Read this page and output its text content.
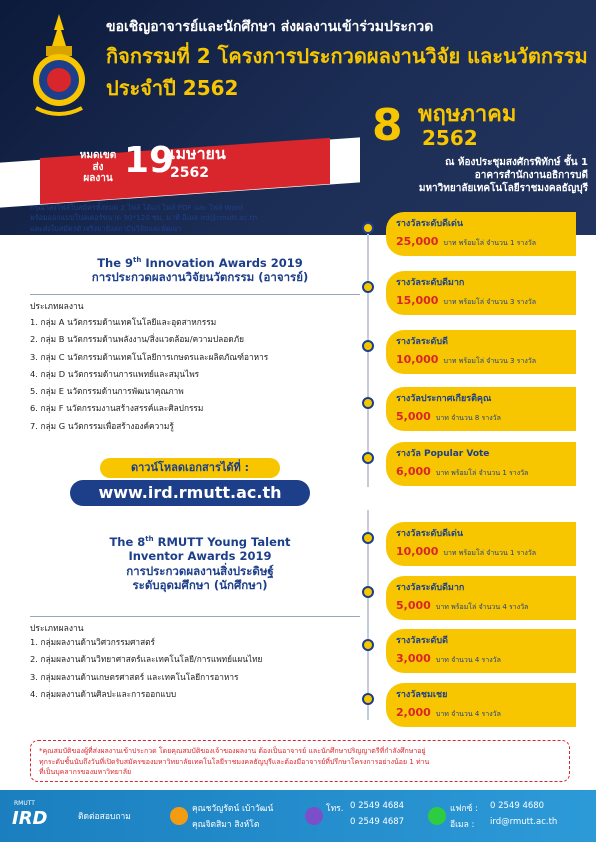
ขอเชิญอาจารย์และนักศึกษา ส่งผลงานเข้าร่วมประกวด
กิจกรรมที่ 2 โครงการประกวดผลงานวิจัย และนวัตกรรม
ประจำปี 2562
8 พฤษภาคม
2562
ณ ห้องประชุมสงศักรพิทักษ์ ชั้น 1
อาคารสำนักงานอธิการบดี
มหาวิทยาลัยเทคโนโลยีราชมงคลธัญบุรี
หมดเขต
ส่ง
ผลงาน 19
เมษายน
2562
กรุณาส่งไฟล์ใบสมัครทั้งหมด 2 ไฟล์ ได้แก่ ไฟล์ PDF และ ไฟล์ Word
พร้อมออกแบบโปสเตอร์ขนาด 90*120 ซม. มาที่ อีเมล ird@rmutt.ac.th
และส่งใบสมัครตัวจริงมายังสถาบันวิจัยและพัฒนา
The 9th Innovation Awards 2019
การประกวดผลงานวิจัยนวัตกรรม (อาจารย์)
ประเภทผลงาน
1. กลุ่ม A นวัตกรรมด้านเทคโนโลยีและอุตสาหกรรม
2. กลุ่ม B นวัตกรรมด้านพลังงาน/สิ่งแวดล้อม/ความปลอดภัย
3. กลุ่ม C นวัตกรรมด้านเทคโนโลยีการเกษตรและผลิตภัณฑ์อาหาร
4. กลุ่ม D นวัตกรรมด้านการแพทย์และสมุนไพร
5. กลุ่ม E นวัตกรรมด้านการพัฒนาคุณภาพ
6. กลุ่ม F นวัตกรรมงานสร้างสรรค์และศิลปกรรม
7. กลุ่ม G นวัตกรรมเพื่อสร้างองค์ความรู้
ดาวน์โหลดเอกสารได้ที่ :
www.ird.rmutt.ac.th
The 8th RMUTT Young Talent
Inventor Awards 2019
การประกวดผลงานสิ่งประดิษฐ์
ระดับอุดมศึกษา (นักศึกษา)
ประเภทผลงาน
1. กลุ่มผลงานด้านวิศวกรรมศาสตร์
2. กลุ่มผลงานด้านวิทยาศาสตร์และเทคโนโลยี/การแพทย์แผนไทย
3. กลุ่มผลงานด้านเกษตรศาสตร์ และเทคโนโลยีการอาหาร
4. กลุ่มผลงานด้านศิลปะและการออกแบบ
รางวัลระดับดีเด่น
25,000 บาท พร้อมโล่ จำนวน 1 รางวัล
รางวัลระดับดีมาก
15,000 บาท พร้อมโล่ จำนวน 3 รางวัล
รางวัลระดับดี
10,000 บาท พร้อมโล่ จำนวน 3 รางวัล
รางวัลประกาศเกียรติคุณ
5,000 บาท จำนวน 8 รางวัล
รางวัล Popular Vote
6,000 บาท พร้อมโล่ จำนวน 1 รางวัล
รางวัลระดับดีเด่น
10,000 บาท พร้อมโล่ จำนวน 1 รางวัล
รางวัลระดับดีมาก
5,000 บาท พร้อมโล่ จำนวน 4 รางวัล
รางวัลระดับดี
3,000 บาท จำนวน 4 รางวัล
รางวัลชมเชย
2,000 บาท จำนวน 4 รางวัล
*คุณสมบัติของผู้ที่ส่งผลงานเข้าประกวด โดยคุณสมบัติของเจ้าของผลงาน ต้องเป็นอาจารย์ และนักศึกษาปริญญาตรีที่กำลังศึกษาอยู่
ทุกระดับชั้นนับถึงวันที่เปิดรับสมัครของมหาวิทยาลัยเทคโนโลยีราชมงคลธัญบุรีและต้องมีอาจารย์ที่ปรึกษาโครงการอย่างน้อย 1 ท่าน
ที่เป็นบุคลากรของมหาวิทยาลัย
RMUTT
IRD	ติดต่อสอบถาม
คุณชวัญรัตน์ เบ้าวัฒน์
คุณจิตสิมา สิงห์โต
โทร. 0 2549 4684
0 2549 4687
แฟกซ์ : 0 2549 4680
อีเมล : ird@rmutt.ac.th
